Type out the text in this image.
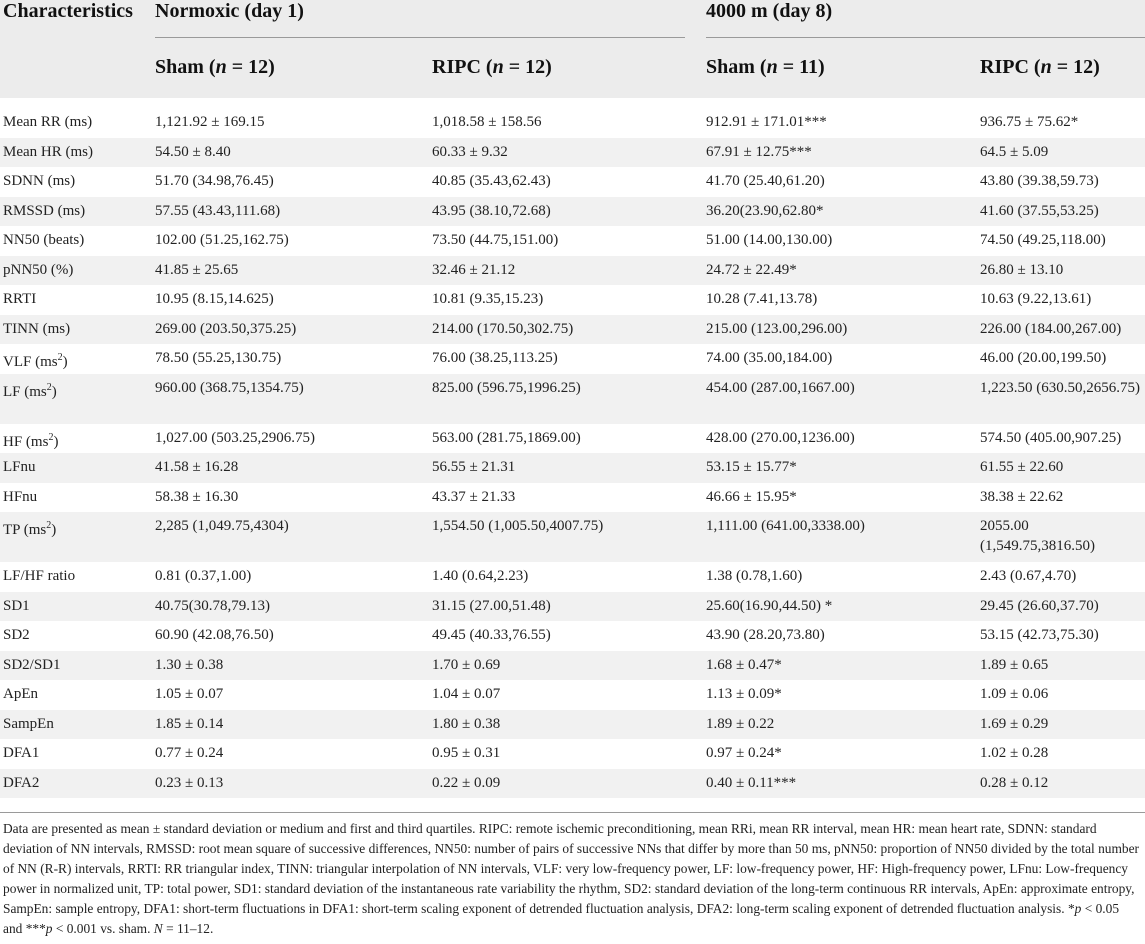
Characteristics Normoxic (day 1)	4000 m (day 8)
Sham (n = 12)	RIPC (n = 12)	Sham (n = 11)	RIPC (n = 12)
Mean RR (ms)	1,121.92 ± 169.15	1,018.58 ± 158.56	912.91 ± 171.01***	936.75 ± 75.62*
Mean HR (ms)	54.50 ± 8.40	60.33 ± 9.32	67.91 ± 12.75***	64.5 ± 5.09
SDNN (ms)	51.70 (34.98,76.45)	40.85 (35.43,62.43)	41.70 (25.40,61.20)	43.80 (39.38,59.73)
RMSSD (ms)	57.55 (43.43,111.68)	43.95 (38.10,72.68)	36.20(23.90,62.80*	41.60 (37.55,53.25)
NN50 (beats)	102.00 (51.25,162.75)	73.50 (44.75,151.00)	51.00 (14.00,130.00)	74.50 (49.25,118.00)
pNN50 (%)	41.85 ± 25.65	32.46 ± 21.12	24.72 ± 22.49*	26.80 ± 13.10
RRTI	10.95 (8.15,14.625)	10.81 (9.35,15.23)	10.28 (7.41,13.78)	10.63 (9.22,13.61)
TINN (ms)	269.00 (203.50,375.25)	214.00 (170.50,302.75)	215.00 (123.00,296.00)	226.00 (184.00,267.00)
VLF $(ms^2)$	78.50 (55.25,130.75)	76.00 (38.25,113.25)	74.00 (35.00,184.00)	46.00 (20.00,199.50)
LF $(ms^2)$	960.00 (368.75,1354.75)	825.00 (596.75,1996.25)	454.00 (287.00,1667.00)	1,223.50 (630.50,2656.75)
HF $(ms^2)$	1,027.00 (503.25,2906.75)	563.00 (281.75,1869.00)	428.00 (270.00,1236.00)	574.50 (405.00,907.25)
LFnu	41.58 ± 16.28	56.55 ± 21.31	53.15 ± 15.77*	61.55 ± 22.60
HFnu	58.38 ± 16.30	43.37 ± 21.33	46.66 ± 15.95*	38.38 ± 22.62
TP $(ms^2)$	2,285 (1,049.75,4304)	1,554.50 (1,005.50,4007.75)	1,111.00 (641.00,3338.00)	2055.00 (1,549.75,3816.50)
LF/HF ratio	0.81 (0.37,1.00)	1.40 (0.64,2.23)	1.38 (0.78,1.60)	2.43 (0.67,4.70)
SD1	40.75(30.78,79.13)	31.15 (27.00,51.48)	25.60(16.90,44.50) *	29.45 (26.60,37.70)
SD2	60.90 (42.08,76.50)	49.45 (40.33,76.55)	43.90 (28.20,73.80)	53.15 (42.73,75.30)
SD2/SD1	1.30 ± 0.38	1.70 ± 0.69	1.68 ± 0.47*	1.89 ± 0.65
ApEn	1.05 ± 0.07	1.04 ± 0.07	1.13 ± 0.09*	1.09 ± 0.06
SampEn	1.85 ± 0.14	1.80 ± 0.38	1.89 ± 0.22	1.69 ± 0.29
DFA1	0.77 ± 0.24	0.95 ± 0.31	0.97 ± 0.24*	1.02 ± 0.28
DFA2	0.23 ± 0.13	0.22 ± 0.09	0.40 ± 0.11***	0.28 ± 0.12
Data are presented as mean ± standard deviation or medium and first and third quartiles. RIPC: remote ischemic preconditioning, mean RRi, mean RR interval, mean HR: mean heart rate, SDNN: standard deviation of NN intervals, RMSSD: root mean square of successive differences, NN50: number of pairs of successive NNs that differ by more than 50 ms, pNN50: proportion of NN50 divided by the total number of NN (R-R) intervals, RRTI: RR triangular index, TINN: triangular interpolation of NN intervals, VLF: very low-frequency power, LF: low-frequency power, HF: High-frequency power, LFnu: Low-frequency power in normalized unit, TP: total power, SD1: standard deviation of the instantaneous rate variability the rhythm, SD2: standard deviation of the long-term continuous RR intervals, ApEn: approximate entropy, SampEn: sample entropy, DFA1: short-term fluctuations in DFA1: short-term scaling exponent of detrended fluctuation analysis, DFA2: long-term scaling exponent of detrended fluctuation analysis. *p < 0.05 and ***p < 0.001 vs. sham. N = 11–12.
